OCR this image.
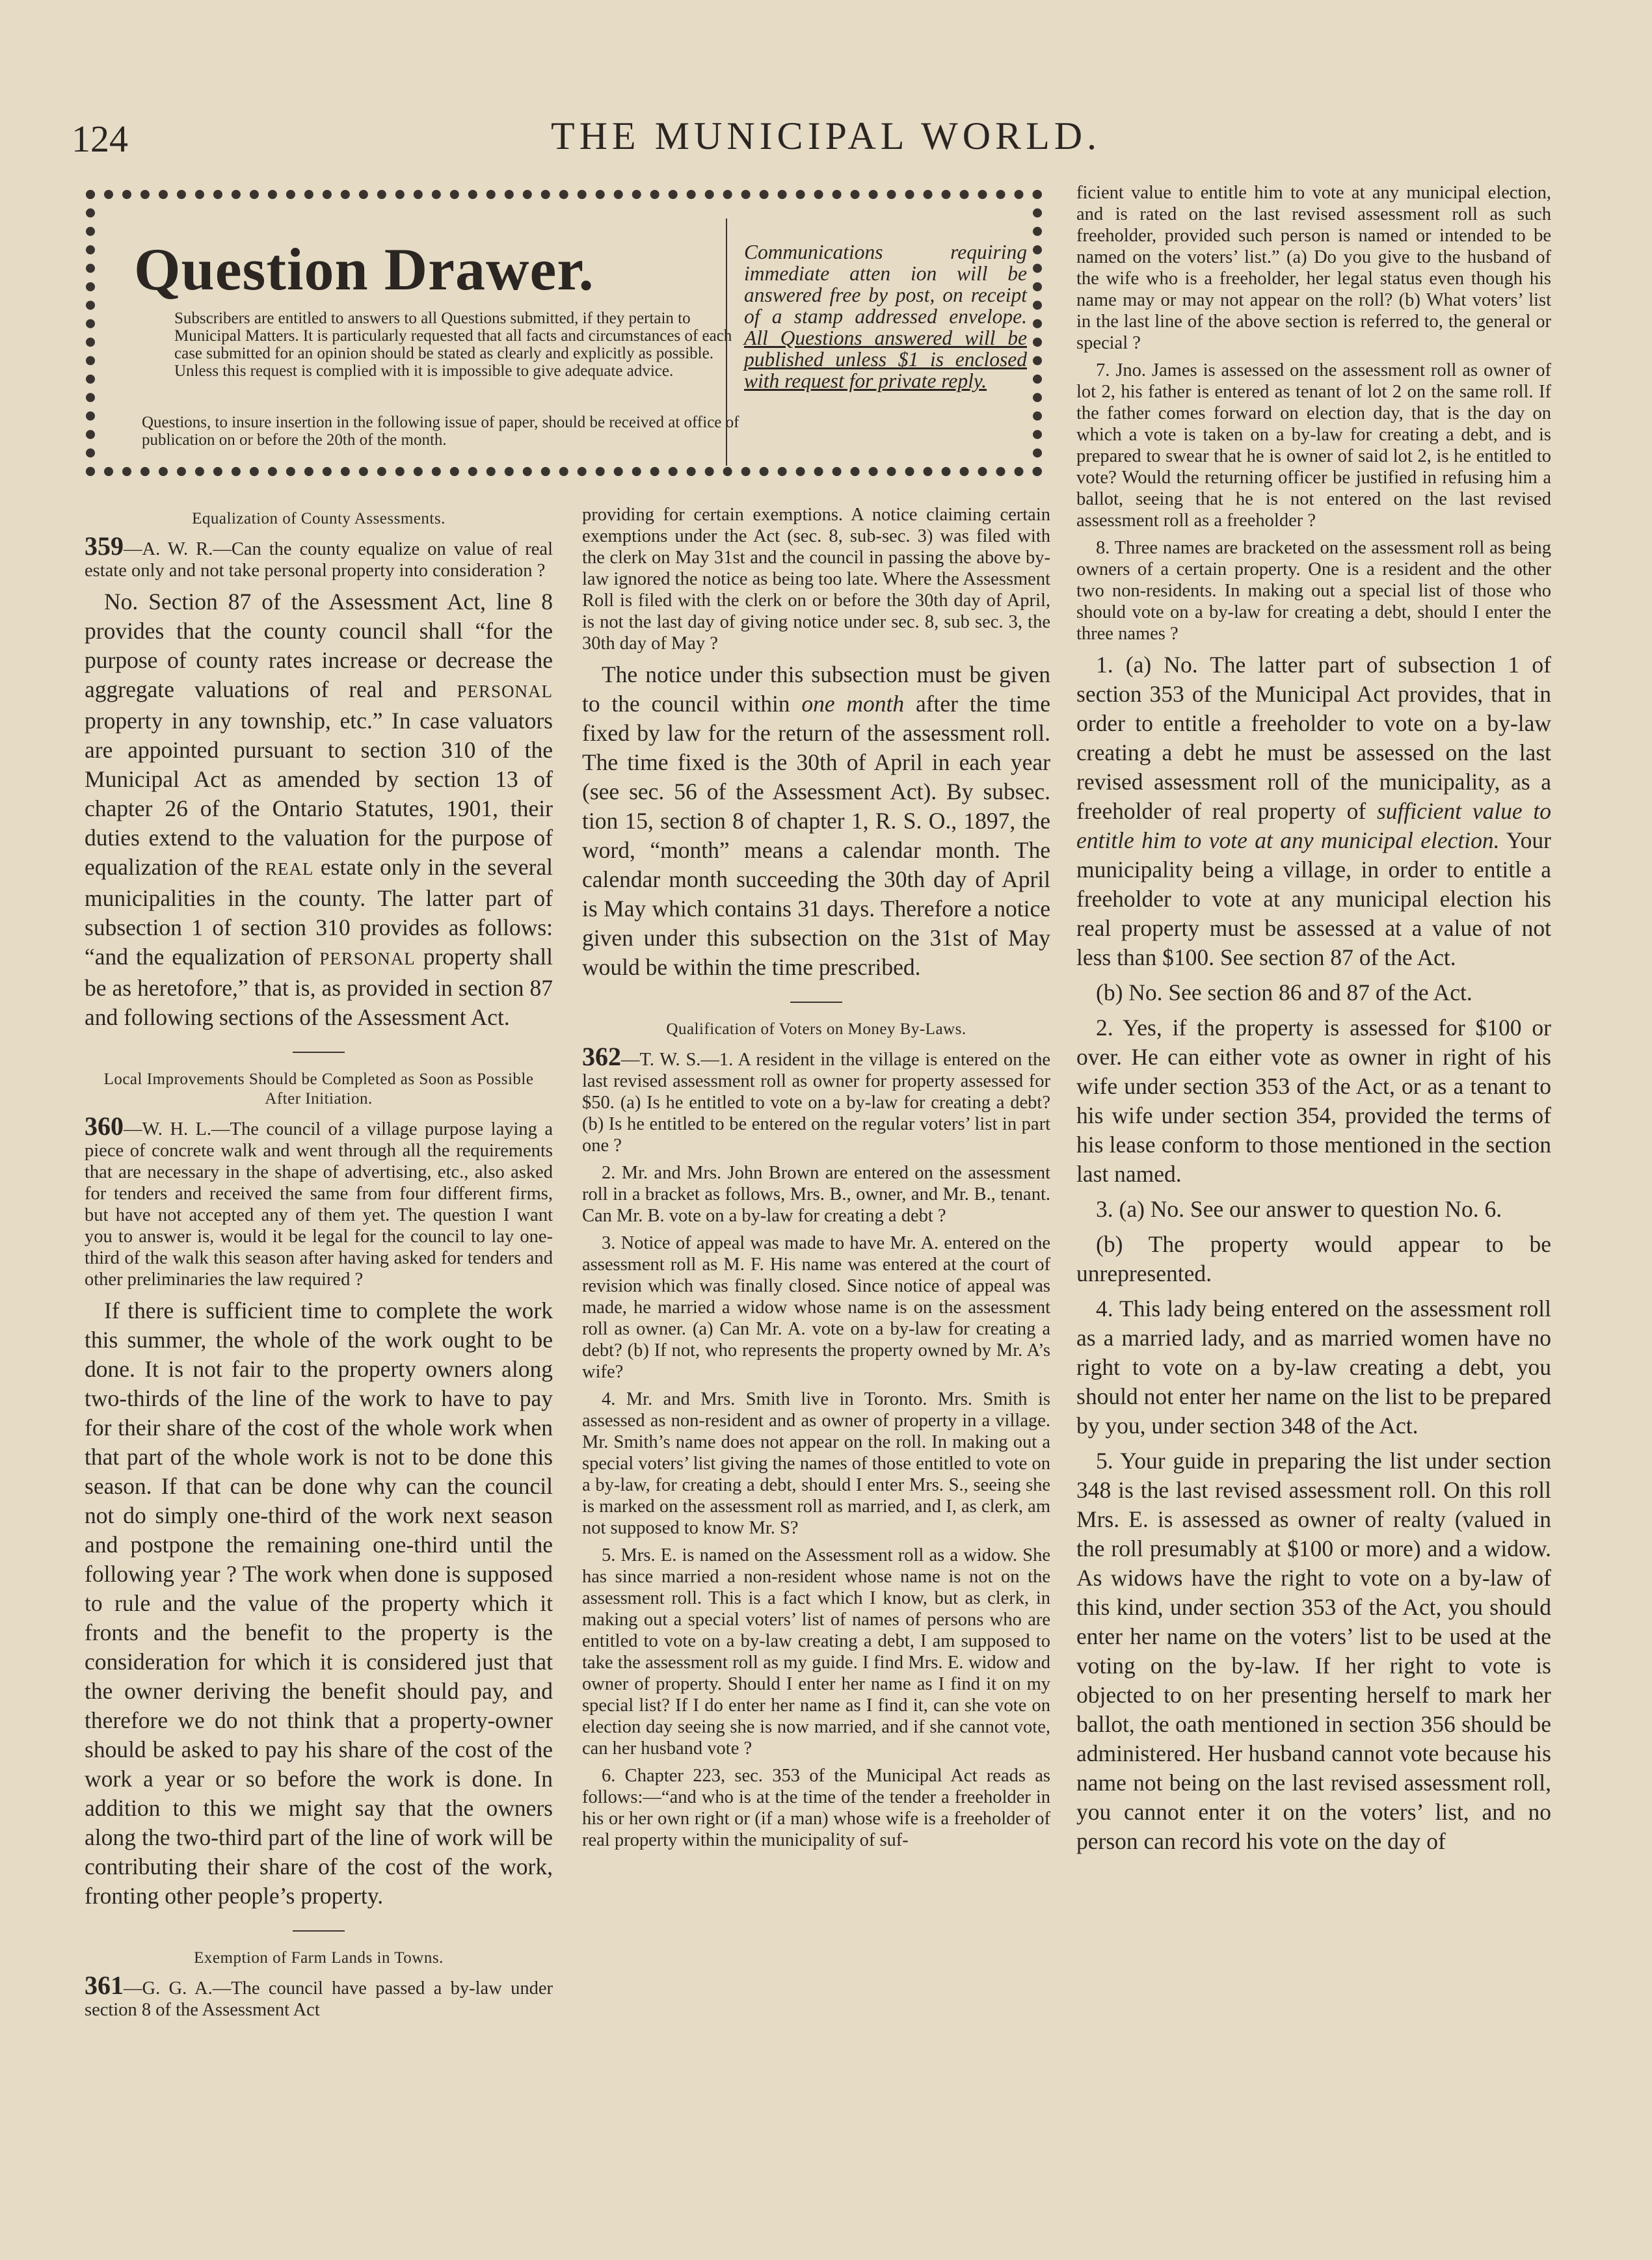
124	THE MUNICIPAL WORLD.
Question Drawer.
Subscribers are entitled to answers to all Questions submitted, if they pertain to Municipal Matters. It is particularly requested that all facts and circumstances of each case submitted for an opinion should be stated as clearly and explicitly as possible. Unless this request is complied with it is impossible to give adequate advice.
Questions, to insure insertion in the following issue of paper, should be received at office of publication on or before the 20th of the month.
Communications requiring immediate atten ion will be answered free by post, on receipt of a stamp addressed envelope. All Questions answered will be published unless $1 is enclosed with request for private reply.
Equalization of County Assessments.

359—A. W. R.—Can the county equalize on value of real estate only and not take personal property into consideration ?

No. Section 87 of the Assessment Act, line 8 provides that the county council shall “for the purpose of county rates increase or decrease the aggregate valuations of real and PERSONAL property in any township, etc.” In case valuators are appointed pursuant to section 310 of the Municipal Act as amended by section 13 of chapter 26 of the Ontario Statutes, 1901, their duties extend to the valuation for the purpose of equalization of the REAL estate only in the several municipalities in the county. The latter part of subsection 1 of section 310 provides as follows: “and the equalization of PERSONAL property shall be as heretofore,” that is, as provided in section 87 and following sections of the Assessment Act.

Local Improvements Should be Completed as Soon as Possible After Initiation.

360—W. H. L.—The council of a village purpose laying a piece of concrete walk and went through all the requirements that are necessary in the shape of advertising, etc., also asked for tenders and received the same from four different firms, but have not accepted any of them yet. The question I want you to answer is, would it be legal for the council to lay one-third of the walk this season after having asked for tenders and other preliminaries the law required ?

If there is sufficient time to complete the work this summer, the whole of the work ought to be done. It is not fair to the property owners along two-thirds of the line of the work to have to pay for their share of the cost of the whole work when that part of the whole work is not to be done this season. If that can be done why can the council not do simply one-third of the work next season and postpone the remaining one-third until the following year ? The work when done is supposed to rule and the value of the property which it fronts and the benefit to the property is the consideration for which it is considered just that the owner deriving the benefit should pay, and therefore we do not think that a property-owner should be asked to pay his share of the cost of the work a year or so before the work is done. In addition to this we might say that the owners along the two-third part of the line of work will be contributing their share of the cost of the work, fronting other people’s property.

Exemption of Farm Lands in Towns.

361—G. G. A.—The council have passed a by-law under section 8 of the Assessment Act

providing for certain exemptions. A notice claiming certain exemptions under the Act (sec. 8, sub-sec. 3) was filed with the clerk on May 31st and the council in passing the above by-law ignored the notice as being too late. Where the Assessment Roll is filed with the clerk on or before the 30th day of April, is not the last day of giving notice under sec. 8, sub sec. 3, the 30th day of May ?

The notice under this subsection must be given to the council within one month after the time fixed by law for the return of the assessment roll. The time fixed is the 30th of April in each year (see sec. 56 of the Assessment Act). By subsec. tion 15, section 8 of chapter 1, R. S. O., 1897, the word, “month” means a calendar month. The calendar month succeeding the 30th day of April is May which contains 31 days. Therefore a notice given under this subsection on the 31st of May would be within the time prescribed.

Qualification of Voters on Money By-Laws.

362—T. W. S.—1. A resident in the village is entered on the last revised assessment roll as owner for property assessed for $50. (a) Is he entitled to vote on a by-law for creating a debt? (b) Is he entitled to be entered on the regular voters’ list in part one ?

2. Mr. and Mrs. John Brown are entered on the assessment roll in a bracket as follows, Mrs. B., owner, and Mr. B., tenant. Can Mr. B. vote on a by-law for creating a debt ?

3. Notice of appeal was made to have Mr. A. entered on the assessment roll as M. F. His name was entered at the court of revision which was finally closed. Since notice of appeal was made, he married a widow whose name is on the assessment roll as owner. (a) Can Mr. A. vote on a by-law for creating a debt? (b) If not, who represents the property owned by Mr. A’s wife?

4. Mr. and Mrs. Smith live in Toronto. Mrs. Smith is assessed as non-resident and as owner of property in a village. Mr. Smith’s name does not appear on the roll. In making out a special voters’ list giving the names of those entitled to vote on a by-law, for creating a debt, should I enter Mrs. S., seeing she is marked on the assessment roll as married, and I, as clerk, am not supposed to know Mr. S?

5. Mrs. E. is named on the Assessment roll as a widow. She has since married a non-resident whose name is not on the assessment roll. This is a fact which I know, but as clerk, in making out a special voters’ list of names of persons who are entitled to vote on a by-law creating a debt, I am supposed to take the assessment roll as my guide. I find Mrs. E. widow and owner of property. Should I enter her name as I find it on my special list? If I do enter her name as I find it, can she vote on election day seeing she is now married, and if she cannot vote, can her husband vote ?

6. Chapter 223, sec. 353 of the Municipal Act reads as follows:—“and who is at the time of the tender a freeholder in his or her own right or (if a man) whose wife is a freeholder of real property within the municipality of suf-

ficient value to entitle him to vote at any municipal election, and is rated on the last revised assessment roll as such freeholder, provided such person is named or intended to be named on the voters’ list.” (a) Do you give to the husband of the wife who is a freeholder, her legal status even though his name may or may not appear on the roll? (b) What voters’ list in the last line of the above section is referred to, the general or special ?

7. Jno. James is assessed on the assessment roll as owner of lot 2, his father is entered as tenant of lot 2 on the same roll. If the father comes forward on election day, that is the day on which a vote is taken on a by-law for creating a debt, and is prepared to swear that he is owner of said lot 2, is he entitled to vote? Would the returning officer be justified in refusing him a ballot, seeing that he is not entered on the last revised assessment roll as a freeholder ?

8. Three names are bracketed on the assessment roll as being owners of a certain property. One is a resident and the other two non-residents. In making out a special list of those who should vote on a by-law for creating a debt, should I enter the three names ?

1. (a) No. The latter part of subsection 1 of section 353 of the Municipal Act provides, that in order to entitle a freeholder to vote on a by-law creating a debt he must be assessed on the last revised assessment roll of the municipality, as a freeholder of real property of sufficient value to entitle him to vote at any municipal election. Your municipality being a village, in order to entitle a freeholder to vote at any municipal election his real property must be assessed at a value of not less than $100. See section 87 of the Act.

(b) No. See section 86 and 87 of the Act.

2. Yes, if the property is assessed for $100 or over. He can either vote as owner in right of his wife under section 353 of the Act, or as a tenant to his wife under section 354, provided the terms of his lease conform to those mentioned in the section last named.

3. (a) No. See our answer to question No. 6.

(b) The property would appear to be unrepresented.

4. This lady being entered on the assessment roll as a married lady, and as married women have no right to vote on a by-law creating a debt, you should not enter her name on the list to be prepared by you, under section 348 of the Act.

5. Your guide in preparing the list under section 348 is the last revised assessment roll. On this roll Mrs. E. is assessed as owner of realty (valued in the roll presumably at $100 or more) and a widow. As widows have the right to vote on a by-law of this kind, under section 353 of the Act, you should enter her name on the voters’ list to be used at the voting on the by-law. If her right to vote is objected to on her presenting herself to mark her ballot, the oath mentioned in section 356 should be administered. Her husband cannot vote because his name not being on the last revised assessment roll, you cannot enter it on the voters’ list, and no person can record his vote on the day of
